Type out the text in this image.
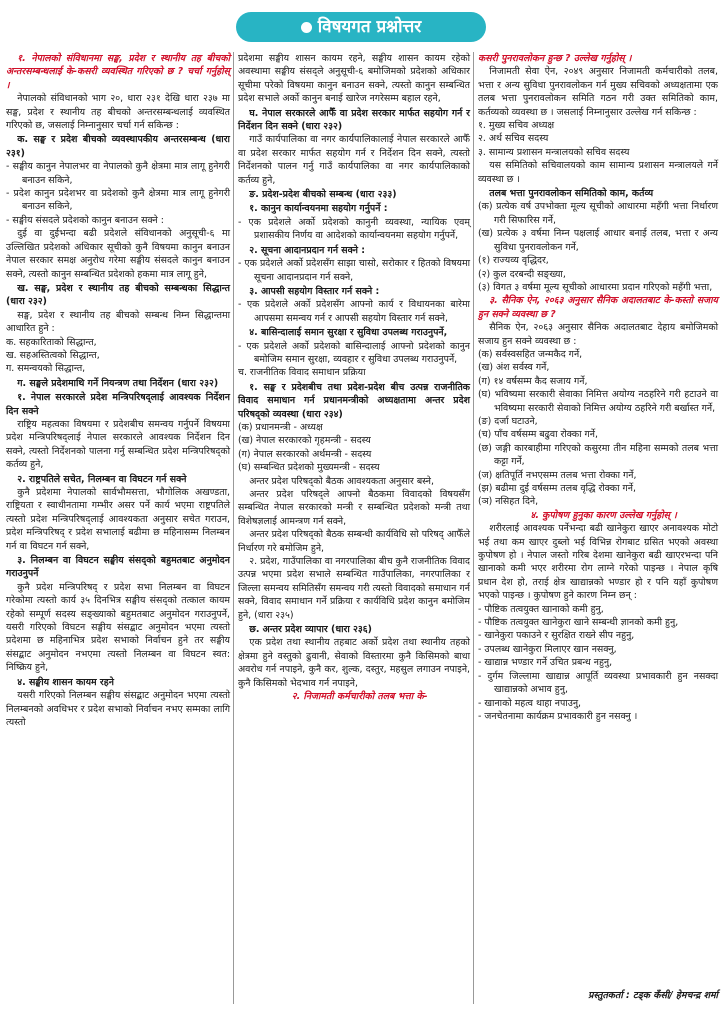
विषयगत प्रश्नोत्तर

१. नेपालको संविधानमा सङ्घ, प्रदेश र स्थानीय तह बीचको अन्तरसम्बन्धलाई के-कसरी व्यवस्थित गरिएको छ ? चर्चा गर्नुहोस् ।

नेपालको संविधानको भाग २०, धारा २३१ देखि धारा २३७ मा सङ्घ, प्रदेश र स्थानीय तह बीचको अन्तरसम्बन्धलाई व्यवस्थित गरिएको छ, जसलाई निम्नानुसार चर्चा गर्न सकिन्छ :

क. सङ्घ र प्रदेश बीचको व्यवस्थापकीय अन्तरसम्बन्ध (धारा २३१)

- सङ्घीय कानुन नेपालभर वा नेपालको कुनै क्षेत्रमा मात्र लागू हुनेगरी बनाउन सकिने,
- प्रदेश कानुन प्रदेशभर वा प्रदेशको कुनै क्षेत्रमा मात्र लागू हुनेगरी बनाउन सकिने,
- सङ्घीय संसदले प्रदेशको कानुन बनाउन सक्ने :

दुई वा दुईभन्दा बढी प्रदेशले संविधानको अनुसूची-६ मा उल्लिखित प्रदेशको अधिकार सूचीको कुनै विषयमा कानुन बनाउन नेपाल सरकार समक्ष अनुरोध गरेमा सङ्घीय संसदले कानुन बनाउन सक्ने, त्यस्तो कानुन सम्बन्धित प्रदेशको हकमा मात्र लागू हुने,

ख. सङ्घ, प्रदेश र स्थानीय तह बीचको सम्बन्धका सिद्धान्त (धारा २३२)

सङ्घ, प्रदेश र स्थानीय तह बीचको सम्बन्ध निम्न सिद्धान्तमा आधारित हुने :

क. सहकारिताको सिद्धान्त,
ख. सहअस्तित्वको सिद्धान्त,
ग. समन्वयको सिद्धान्त,

ग. सङ्घले प्रदेशमाथि गर्ने नियन्त्रण तथा निर्देशन (धारा २३२)

१. नेपाल सरकारले प्रदेश मन्त्रिपरिषद्लाई आवश्यक निर्देशन दिन सक्ने

राष्ट्रिय महत्वका विषयमा र प्रदेशबीच समन्वय गर्नुपर्ने विषयमा प्रदेश मन्त्रिपरिषद्लाई नेपाल सरकारले आवश्यक निर्देशन दिन सक्ने, त्यस्तो निर्देशनको पालना गर्नु सम्बन्धित प्रदेश मन्त्रिपरिषद्को कर्तव्य हुने,

२. राष्ट्रपतिले सचेत, निलम्बन वा विघटन गर्न सक्ने

कुनै प्रदेशमा नेपालको सार्वभौमसत्ता, भौगोलिक अखण्डता, राष्ट्रियता र स्वाधीनतामा गम्भीर असर पर्ने कार्य भएमा राष्ट्रपतिले त्यस्तो प्रदेश मन्त्रिपरिषद्लाई आवश्यकता अनुसार सचेत गराउन, प्रदेश मन्त्रिपरिषद् र प्रदेश सभालाई बढीमा छ महिनासम्म निलम्बन गर्न वा विघटन गर्न सक्ने,

३. निलम्बन वा विघटन सङ्घीय संसद्को बहुमतबाट अनुमोदन गराउनुपर्ने

कुनै प्रदेश मन्त्रिपरिषद् र प्रदेश सभा निलम्बन वा विघटन गरेकोमा त्यस्तो कार्य ३५ दिनभित्र सङ्घीय संसद्को तत्काल कायम रहेको सम्पूर्ण सदस्य सङ्ख्याको बहुमतबाट अनुमोदन गराउनुपर्ने, यसरी गरिएको विघटन सङ्घीय संसद्बाट अनुमोदन भएमा त्यस्तो प्रदेशमा छ महिनाभित्र प्रदेश सभाको निर्वाचन हुने तर सङ्घीय संसद्बाट अनुमोदन नभएमा त्यस्तो निलम्बन वा विघटन स्वत: निष्क्रिय हुने,

४. सङ्घीय शासन कायम रहने

यसरी गरिएको निलम्बन सङ्घीय संसद्बाट अनुमोदन भएमा त्यस्तो निलम्बनको अवधिभर र प्रदेश सभाको निर्वाचन नभए सम्मका लागि त्यस्तो

प्रदेशमा सङ्घीय शासन कायम रहने, सङ्घीय शासन कायम रहेको अवस्थामा सङ्घीय संसद्ले अनुसूची-६ बमोजिमको प्रदेशको अधिकार सूचीमा परेको विषयमा कानुन बनाउन सक्ने, त्यस्तो कानुन सम्बन्धित प्रदेश सभाले अर्को कानुन बनाई खारेज नगरेसम्म बहाल रहने,

घ. नेपाल सरकारले आफैँ वा प्रदेश सरकार मार्फत सहयोग गर्न र निर्देशन दिन सक्ने (धारा २३२)

गाउँ कार्यपालिका वा नगर कार्यपालिकालाई नेपाल सरकारले आफैँ वा प्रदेश सरकार मार्फत सहयोग गर्न र निर्देशन दिन सक्ने, त्यस्तो निर्देशनको पालन गर्नु गाउँ कार्यपालिका वा नगर कार्यपालिकाको कर्तव्य हुने,

ङ. प्रदेश-प्रदेश बीचको सम्बन्ध (धारा २३३)

१. कानुन कार्यान्वयनमा सहयोग गर्नुपर्ने :

- एक प्रदेशले अर्को प्रदेशको कानुनी व्यवस्था, न्यायिक एवम् प्रशासकीय निर्णय वा आदेशको कार्यान्वयनमा सहयोग गर्नुपर्ने,

२. सूचना आदानप्रदान गर्न सक्ने :

- एक प्रदेशले अर्को प्रदेशसँग साझा चासो, सरोकार र हितको विषयमा सूचना आदानप्रदान गर्न सक्ने,

३. आपसी सहयोग विस्तार गर्न सक्ने :

- एक प्रदेशले अर्को प्रदेशसँग आफ्नो कार्य र विधायनका बारेमा आपसमा समन्वय गर्न र आपसी सहयोग विस्तार गर्न सक्ने,

४. बासिन्दालाई समान सुरक्षा र सुविधा उपलब्ध गराउनुपर्ने,

- एक प्रदेशले अर्को प्रदेशको बासिन्दालाई आफ्नो प्रदेशको कानुन बमोजिम समान सुरक्षा, व्यवहार र सुविधा उपलब्ध गराउनुपर्ने,
च. राजनीतिक विवाद समाधान प्रक्रिया

१. सङ्घ र प्रदेशबीच तथा प्रदेश-प्रदेश बीच उत्पन्न राजनीतिक विवाद समाधान गर्न प्रधानमन्त्रीको अध्यक्षतामा अन्तर प्रदेश परिषद्को व्यवस्था (धारा २३४)

(क) प्रधानमन्त्री - अध्यक्ष
(ख) नेपाल सरकारको गृहमन्त्री - सदस्य
(ग) नेपाल सरकारको अर्थमन्त्री - सदस्य
(घ) सम्बन्धित प्रदेशको मुख्यमन्त्री - सदस्य

अन्तर प्रदेश परिषद्को बैठक आवश्यकता अनुसार बस्ने,

अन्तर प्रदेश परिषद्ले आफ्नो बैठकमा विवादको विषयसँग सम्बन्धित नेपाल सरकारको मन्त्री र सम्बन्धित प्रदेशको मन्त्री तथा विशेषज्ञलाई आमन्त्रण गर्न सक्ने,

अन्तर प्रदेश परिषद्को बैठक सम्बन्धी कार्यविधि सो परिषद् आफैँले निर्धारण गरे बमोजिम हुने,

२. प्रदेश, गाउँपालिका वा नगरपालिका बीच कुनै राजनीतिक विवाद उत्पन्न भएमा प्रदेश सभाले सम्बन्धित गाउँपालिका, नगरपालिका र जिल्ला समन्वय समितिसँग समन्वय गरी त्यस्तो विवादको समाधान गर्न सक्ने, विवाद समाधान गर्ने प्रक्रिया र कार्यविधि प्रदेश कानुन बमोजिम हुने, (धारा २३५)

छ. अन्तर प्रदेश व्यापार (धारा २३६)

एक प्रदेश तथा स्थानीय तहबाट अर्को प्रदेश तथा स्थानीय तहको क्षेत्रमा हुने वस्तुको ढुवानी, सेवाको विस्तारमा कुनै किसिमको बाधा अवरोध गर्न नपाइने, कुनै कर, शुल्क, दस्तुर, महसुल लगाउन नपाइने, कुनै किसिमको भेदभाव गर्न नपाइने,

२. निजामती कर्मचारीको तलब भत्ता के-

कसरी पुनरावलोकन हुन्छ ? उल्लेख गर्नुहोस् ।

निजामती सेवा ऐन, २०४९ अनुसार निजामती कर्मचारीको तलब, भत्ता र अन्य सुविधा पुनरावलोकन गर्न मुख्य सचिवको अध्यक्षतामा एक तलब भत्ता पुनरावलोकन समिति गठन गरी उक्त समितिको काम, कर्तव्यको व्यवस्था छ । जसलाई निम्नानुसार उल्लेख गर्न सकिन्छ :

१. मुख्य सचिव अध्यक्ष
२. अर्थ सचिव सदस्य
३. सामान्य प्रशासन मन्त्रालयको सचिव सदस्य

यस समितिको सचिवालयको काम सामान्य प्रशासन मन्त्रालयले गर्ने व्यवस्था छ ।

तलब भत्ता पुनरावलोकन समितिको काम, कर्तव्य

(क) प्रत्येक वर्ष उपभोक्ता मूल्य सूचीको आधारमा महँगी भत्ता निर्धारण गरी सिफारिस गर्ने,
(ख) प्रत्येक ३ वर्षमा निम्न पक्षलाई आधार बनाई तलब, भत्ता र अन्य सुविधा पुनरावलोकन गर्ने,
(१) राज्यव्य वृद्धिदर,
(२) कुल दरबन्दी सङ्ख्या,
(३) विगत ३ वर्षमा मूल्य सूचीको आधारमा प्रदान गरिएको महँगी भत्ता,

३. सैनिक ऐन, २०६३ अनुसार सैनिक अदालतबाट के-कस्तो सजाय हुन सक्ने व्यवस्था छ ?

सैनिक ऐन, २०६३ अनुसार सैनिक अदालतबाट देहाय बमोजिमको सजाय हुन सक्ने व्यवस्था छ :

(क) सर्वस्वसहित जन्मकैद गर्ने,
(ख) अंश सर्वस्व गर्ने,
(ग) १४ वर्षसम्म कैद सजाय गर्ने,
(घ) भविष्यमा सरकारी सेवाका निमित्त अयोग्य नठहरिने गरी हटाउने वा भविष्यमा सरकारी सेवाको निमित्त अयोग्य ठहरिने गरी बर्खास्त गर्ने,
(ङ) दर्जा घटाउने,
(च) पाँच वर्षसम्म बढुवा रोक्का गर्ने,
(छ) जङ्गी कारबाहीमा गरिएको कसुरमा तीन महिना सम्मको तलब भत्ता कट्टा गर्ने,
(ज) क्षतिपूर्ति नभएसम्म तलब भत्ता रोक्का गर्ने,
(झ) बढीमा दुई वर्षसम्म तलब वृद्धि रोक्का गर्ने,
(ञ) नसिहत दिने,

४. कुपोषण हुनुका कारण उल्लेख गर्नुहोस् ।

शरीरलाई आवश्यक पर्नेभन्दा बढी खानेकुरा खाएर अनावश्यक मोटो भई तथा कम खाएर दुब्लो भई विभिन्न रोगबाट ग्रसित भएको अवस्था कुपोषण हो । नेपाल जस्तो गरिब देशमा खानेकुरा बढी खाएरभन्दा पनि खानाको कमी भएर शरीरमा रोग लाग्ने गरेको पाइन्छ । नेपाल कृषि प्रधान देश हो, तराई क्षेत्र खाद्यान्नको भण्डार हो र पनि यहाँ कुपोषण भएको पाइन्छ । कुपोषण हुने कारण निम्न छन् :

- पौष्टिक तत्वयुक्त खानाको कमी हुनु,
- पौष्टिक तत्वयुक्त खानेकुरा खाने सम्बन्धी ज्ञानको कमी हुनु,
- खानेकुरा पकाउने र सुरक्षित राख्ने सीप नहुनु,
- उपलब्ध खानेकुरा मिलाएर खान नसक्नु,
- खाद्यान्न भण्डार गर्ने उचित प्रबन्ध नहुनु,
- दुर्गम जिल्लामा खाद्यान्न आपूर्ति व्यवस्था प्रभावकारी हुन नसक्दा खाद्यान्नको अभाव हुनु,
- खानाको महत्व थाहा नपाउनु,
- जनचेतनामा कार्यक्रम प्रभावकारी हुन नसक्नु ।
प्रस्तुतकर्ता : टड्क कँसी/ हेमचन्द्र शर्मा
